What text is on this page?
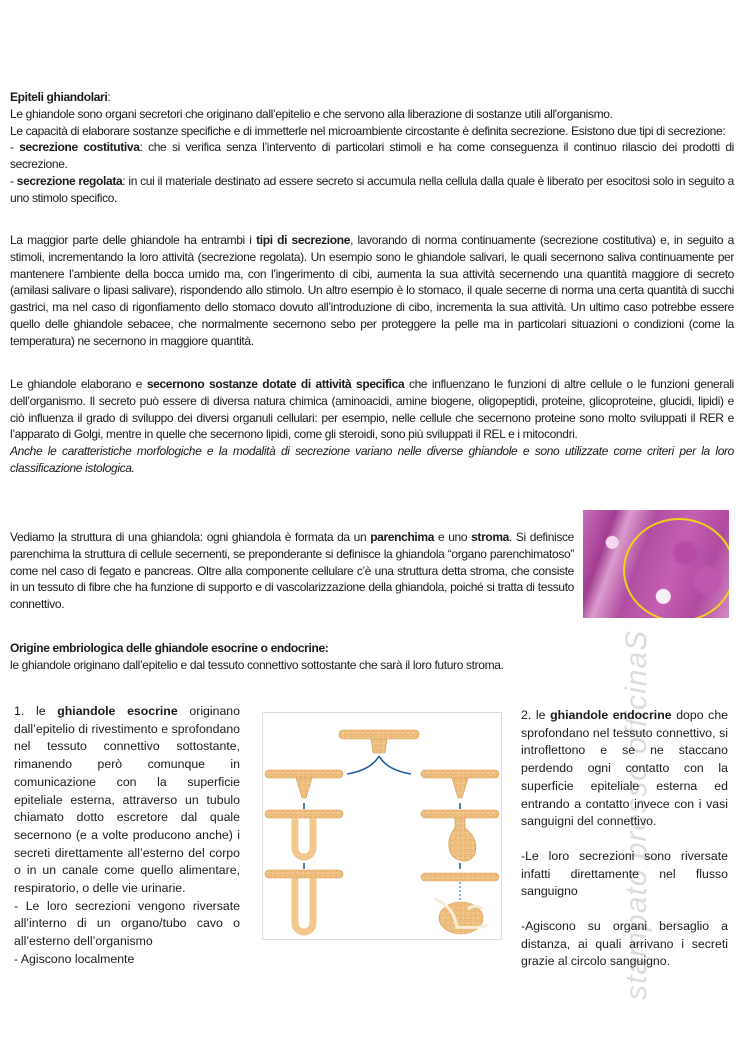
stampato presso officinaS
Epiteli ghiandolari:
Le ghiandole sono organi secretori che originano dall’epitelio e che servono alla liberazione di sostanze utili all'organismo.
Le capacità di elaborare sostanze specifiche e di immetterle nel microambiente circostante è definita secrezione. Esistono due tipi di secrezione:
- secrezione costitutiva: che si verifica senza l’intervento di particolari stimoli e ha come conseguenza il continuo rilascio dei prodotti di secrezione.
- secrezione regolata: in cui il materiale destinato ad essere secreto si accumula nella cellula dalla quale è liberato per esocitosi solo in seguito a uno stimolo specifico.
La maggior parte delle ghiandole ha entrambi i tipi di secrezione, lavorando di norma continuamente (secrezione costitutiva) e, in seguito a stimoli, incrementando la loro attività (secrezione regolata). Un esempio sono le ghiandole salivari, le quali secernono saliva continuamente per mantenere l’ambiente della bocca umido ma, con l’ingerimento di cibi, aumenta la sua attività secernendo una quantità maggiore di secreto (amilasi salivare o lipasi salivare), rispondendo allo stimolo. Un altro esempio è lo stomaco, il quale secerne di norma una certa quantità di succhi gastrici, ma nel caso di rigonfiamento dello stomaco dovuto all’introduzione di cibo, incrementa la sua attività. Un ultimo caso potrebbe essere quello delle ghiandole sebacee, che normalmente secernono sebo per proteggere la pelle ma in particolari situazioni o condizioni (come la temperatura) ne secernono in maggiore quantità.
Le ghiandole elaborano e secernono sostanze dotate di attività specifica che influenzano le funzioni di altre cellule o le funzioni generali dell’organismo. Il secreto può essere di diversa natura chimica (aminoacidi, amine biogene, oligopeptidi, proteine, glicoproteine, glucidi, lipidi) e ciò influenza il grado di sviluppo dei diversi organuli cellulari: per esempio, nelle cellule che secernono proteine sono molto sviluppati il RER e l’apparato di Golgi, mentre in quelle che secernono lipidi, come gli steroidi, sono più sviluppati il REL e i mitocondri.
Anche le caratteristiche morfologiche e la modalità di secrezione variano nelle diverse ghiandole e sono utilizzate come criteri per la loro classificazione istologica.
Vediamo la struttura di una ghiandola: ogni ghiandola è formata da un parenchima e uno stroma. Si definisce parenchima la struttura di cellule secernenti, se preponderante si definisce la ghiandola “organo parenchimatoso” come nel caso di fegato e pancreas. Oltre alla componente cellulare c’è una struttura detta stroma, che consiste in un tessuto di fibre che ha funzione di supporto e di vascolarizzazione della ghiandola, poiché si tratta di tessuto connettivo.
Origine embriologica delle ghiandole esocrine o endocrine:
le ghiandole originano dall’epitelio e dal tessuto connettivo sottostante che sarà il loro futuro stroma.
1. le ghiandole esocrine originano dall’epitelio di rivestimento e sprofondano nel tessuto connettivo sottostante, rimanendo però comunque in comunicazione con la superficie epiteliale esterna, attraverso un tubulo chiamato dotto escretore dal quale secernono (e a volte producono anche) i secreti direttamente all’esterno del corpo o in un canale come quello alimentare, respiratorio, o delle vie urinarie.
- Le loro secrezioni vengono riversate all’interno di un organo/tubo cavo o all’esterno dell’organismo
- Agiscono localmente
2. le ghiandole endocrine dopo che sprofondano nel tessuto connettivo, si introflettono e se ne staccano perdendo ogni contatto con la superficie epiteliale esterna ed entrando a contatto invece con i vasi sanguigni del connettivo.
-Le loro secrezioni sono riversate infatti direttamente nel flusso sanguigno
-Agiscono su organi bersaglio a distanza, ai quali arrivano i secreti grazie al circolo sanguigno.
